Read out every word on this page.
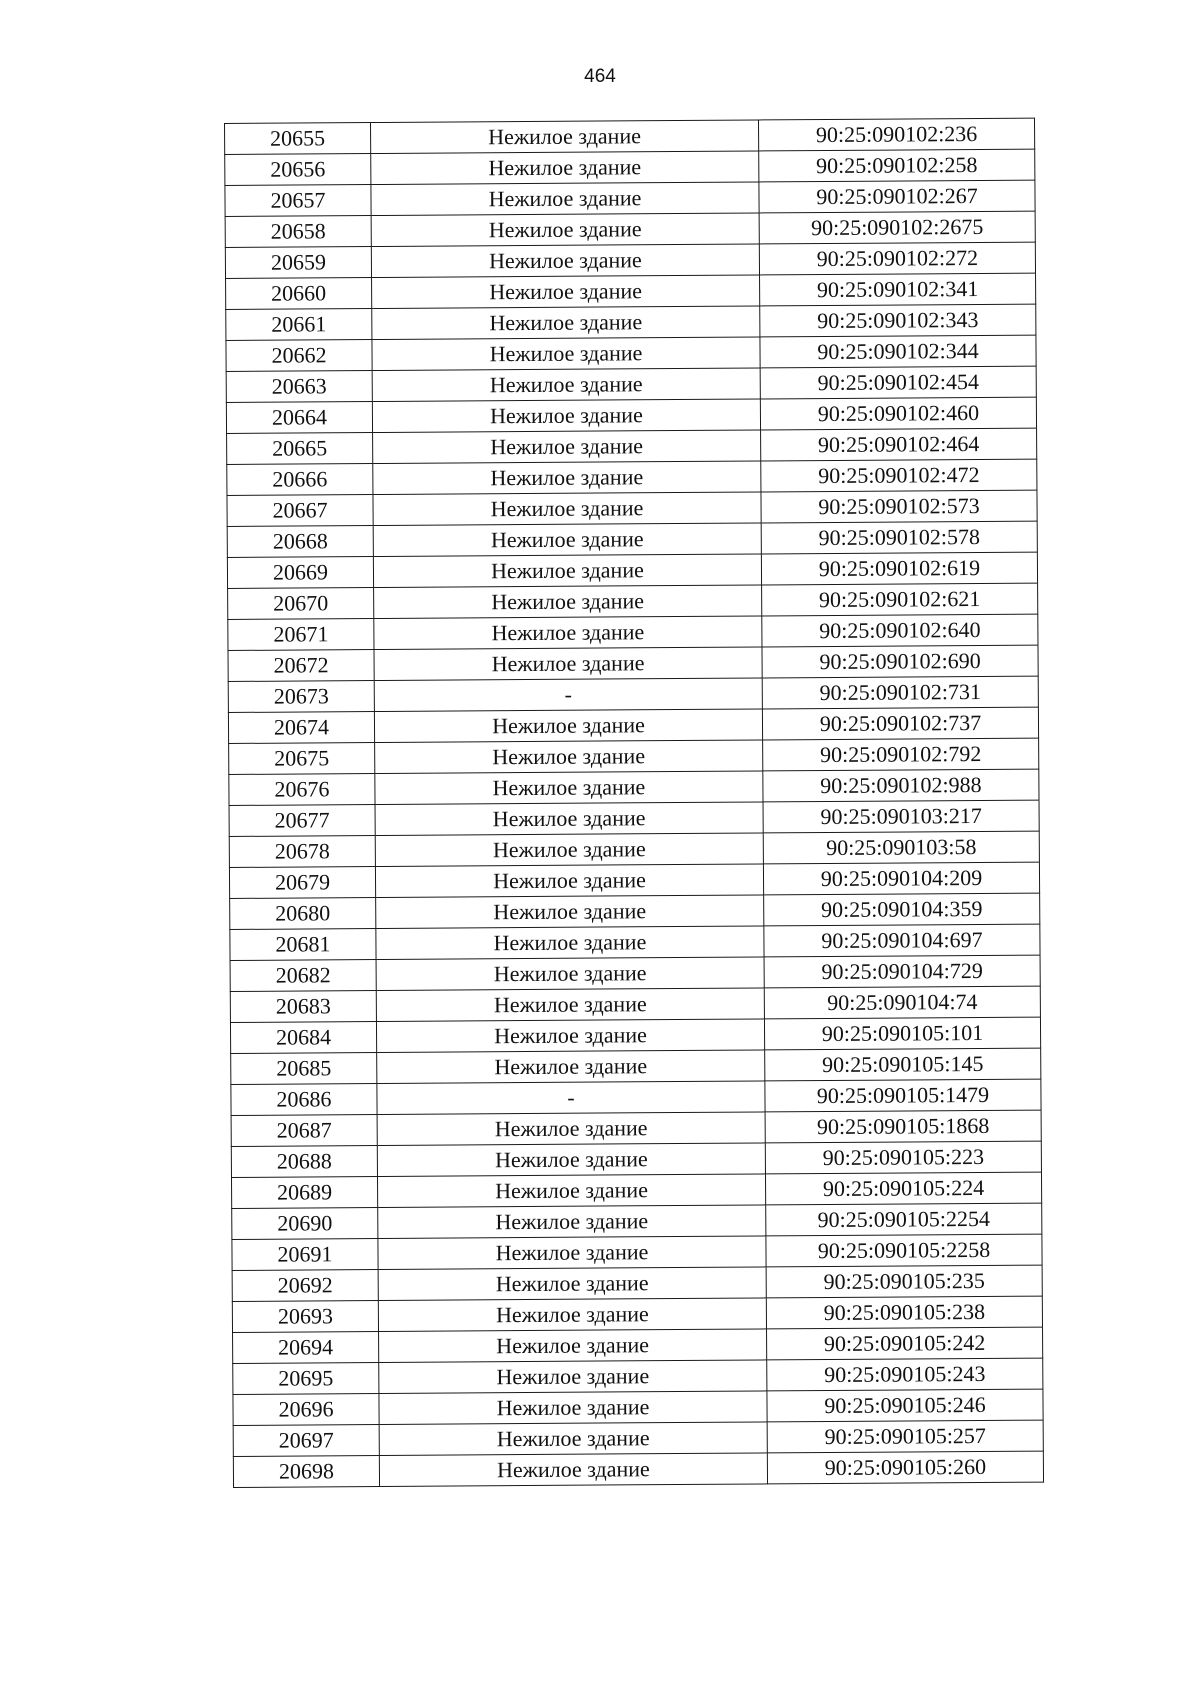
464
20655	Нежилое здание	90:25:090102:236
20656	Нежилое здание	90:25:090102:258
20657	Нежилое здание	90:25:090102:267
20658	Нежилое здание	90:25:090102:2675
20659	Нежилое здание	90:25:090102:272
20660	Нежилое здание	90:25:090102:341
20661	Нежилое здание	90:25:090102:343
20662	Нежилое здание	90:25:090102:344
20663	Нежилое здание	90:25:090102:454
20664	Нежилое здание	90:25:090102:460
20665	Нежилое здание	90:25:090102:464
20666	Нежилое здание	90:25:090102:472
20667	Нежилое здание	90:25:090102:573
20668	Нежилое здание	90:25:090102:578
20669	Нежилое здание	90:25:090102:619
20670	Нежилое здание	90:25:090102:621
20671	Нежилое здание	90:25:090102:640
20672	Нежилое здание	90:25:090102:690
20673	-	90:25:090102:731
20674	Нежилое здание	90:25:090102:737
20675	Нежилое здание	90:25:090102:792
20676	Нежилое здание	90:25:090102:988
20677	Нежилое здание	90:25:090103:217
20678	Нежилое здание	90:25:090103:58
20679	Нежилое здание	90:25:090104:209
20680	Нежилое здание	90:25:090104:359
20681	Нежилое здание	90:25:090104:697
20682	Нежилое здание	90:25:090104:729
20683	Нежилое здание	90:25:090104:74
20684	Нежилое здание	90:25:090105:101
20685	Нежилое здание	90:25:090105:145
20686	-	90:25:090105:1479
20687	Нежилое здание	90:25:090105:1868
20688	Нежилое здание	90:25:090105:223
20689	Нежилое здание	90:25:090105:224
20690	Нежилое здание	90:25:090105:2254
20691	Нежилое здание	90:25:090105:2258
20692	Нежилое здание	90:25:090105:235
20693	Нежилое здание	90:25:090105:238
20694	Нежилое здание	90:25:090105:242
20695	Нежилое здание	90:25:090105:243
20696	Нежилое здание	90:25:090105:246
20697	Нежилое здание	90:25:090105:257
20698	Нежилое здание	90:25:090105:260
